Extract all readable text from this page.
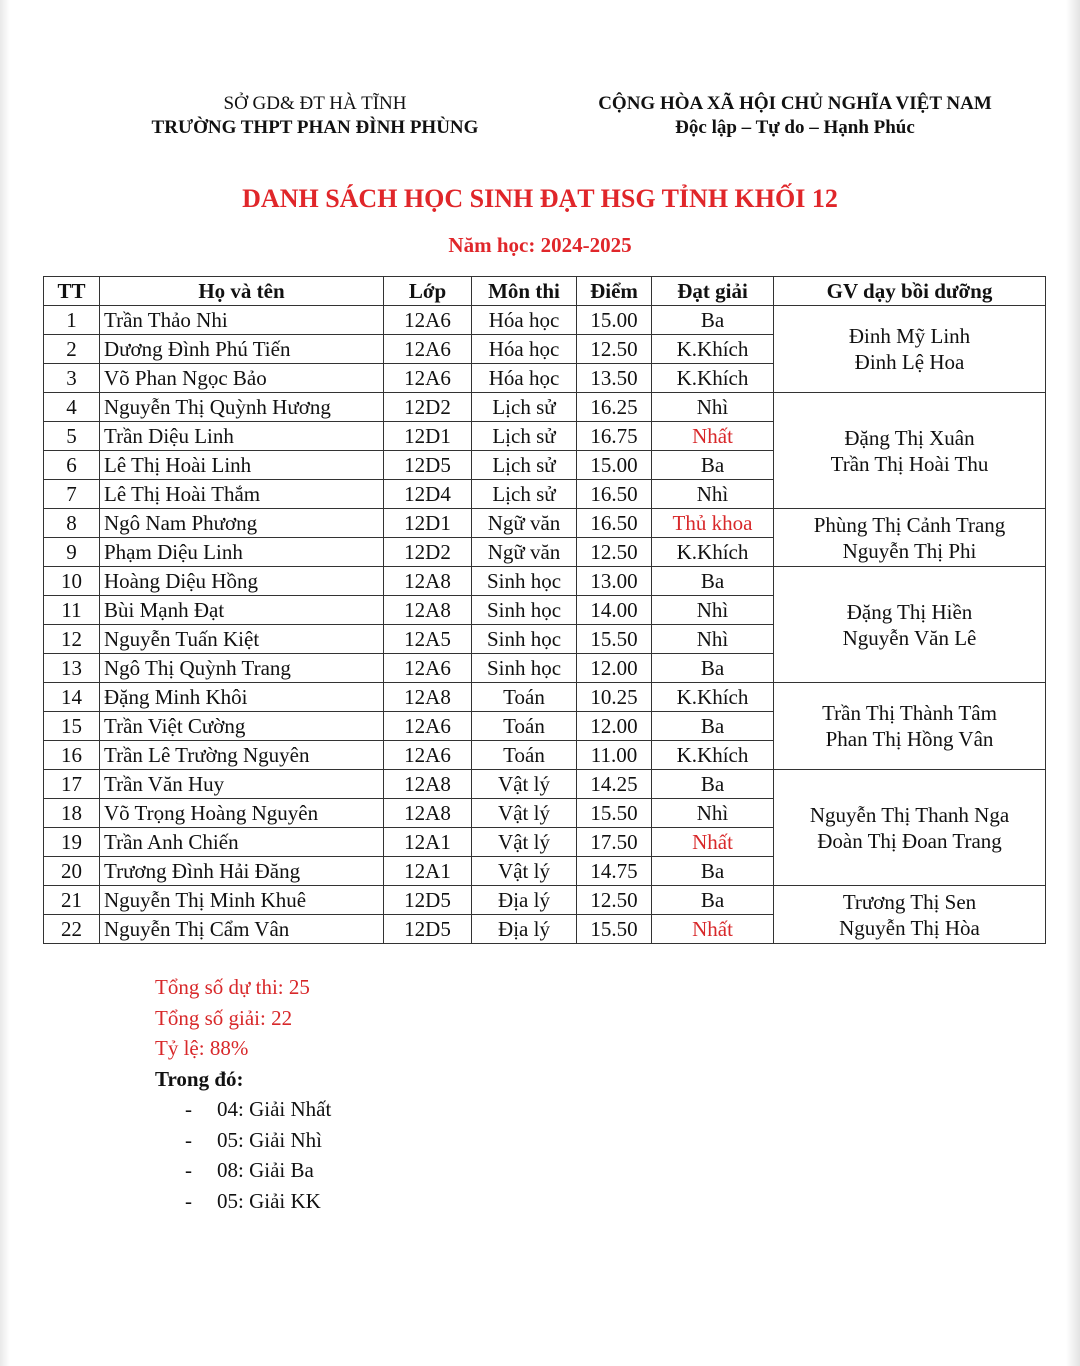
SỞ GD& ĐT HÀ TĨNH
TRƯỜNG THPT PHAN ĐÌNH PHÙNG
CỘNG HÒA XÃ HỘI CHỦ NGHĨA VIỆT NAM
Độc lập – Tự do – Hạnh Phúc
DANH SÁCH HỌC SINH ĐẠT HSG TỈNH KHỐI 12
Năm học: 2024-2025
TT	Họ và tên	Lớp	Môn thi	Điểm	Đạt giải	GV dạy bồi dưỡng
1	Trần Thảo Nhi	12A6	Hóa học	15.00	Ba	Đinh Mỹ Linh
Đinh Lệ Hoa

2	Dương Đình Phú Tiến	12A6	Hóa học	12.50	K.Khích	
3	Võ Phan Ngọc Bảo	12A6	Hóa học	13.50	K.Khích	
4	Nguyễn Thị Quỳnh Hương	12D2	Lịch sử	16.25	Nhì	Đặng Thị Xuân
Trần Thị Hoài Thu

5	Trần Diệu Linh	12D1	Lịch sử	16.75	Nhất	
6	Lê Thị Hoài Linh	12D5	Lịch sử	15.00	Ba	
7	Lê Thị Hoài Thắm	12D4	Lịch sử	16.50	Nhì	
8	Ngô Nam Phương	12D1	Ngữ văn	16.50	Thủ khoa	Phùng Thị Cảnh Trang
Nguyễn Thị Phi

9	Phạm Diệu Linh	12D2	Ngữ văn	12.50	K.Khích	
10	Hoàng Diệu Hồng	12A8	Sinh học	13.00	Ba	Đặng Thị Hiền
Nguyễn Văn Lê

11	Bùi Mạnh Đạt	12A8	Sinh học	14.00	Nhì	
12	Nguyễn Tuấn Kiệt	12A5	Sinh học	15.50	Nhì	
13	Ngô Thị Quỳnh Trang	12A6	Sinh học	12.00	Ba	
14	Đặng Minh Khôi	12A8	Toán	10.25	K.Khích	Trần Thị Thành Tâm
Phan Thị Hồng Vân

15	Trần Việt Cường	12A6	Toán	12.00	Ba	
16	Trần Lê Trường Nguyên	12A6	Toán	11.00	K.Khích	
17	Trần Văn Huy	12A8	Vật lý	14.25	Ba	Nguyễn Thị Thanh Nga
Đoàn Thị Đoan Trang

18	Võ Trọng Hoàng Nguyên	12A8	Vật lý	15.50	Nhì	
19	Trần Anh Chiến	12A1	Vật lý	17.50	Nhất	
20	Trương Đình Hải Đăng	12A1	Vật lý	14.75	Ba	
21	Nguyễn Thị Minh Khuê	12D5	Địa lý	12.50	Ba	Trương Thị Sen
Nguyễn Thị Hòa

22	Nguyễn Thị Cẩm Vân	12D5	Địa lý	15.50	Nhất	
Tổng số dự thi: 25
Tổng số giải: 22
Tỷ lệ: 88%
Trong đó:
-	04: Giải Nhất
-	05: Giải Nhì
-	08: Giải Ba
-	05: Giải KK
